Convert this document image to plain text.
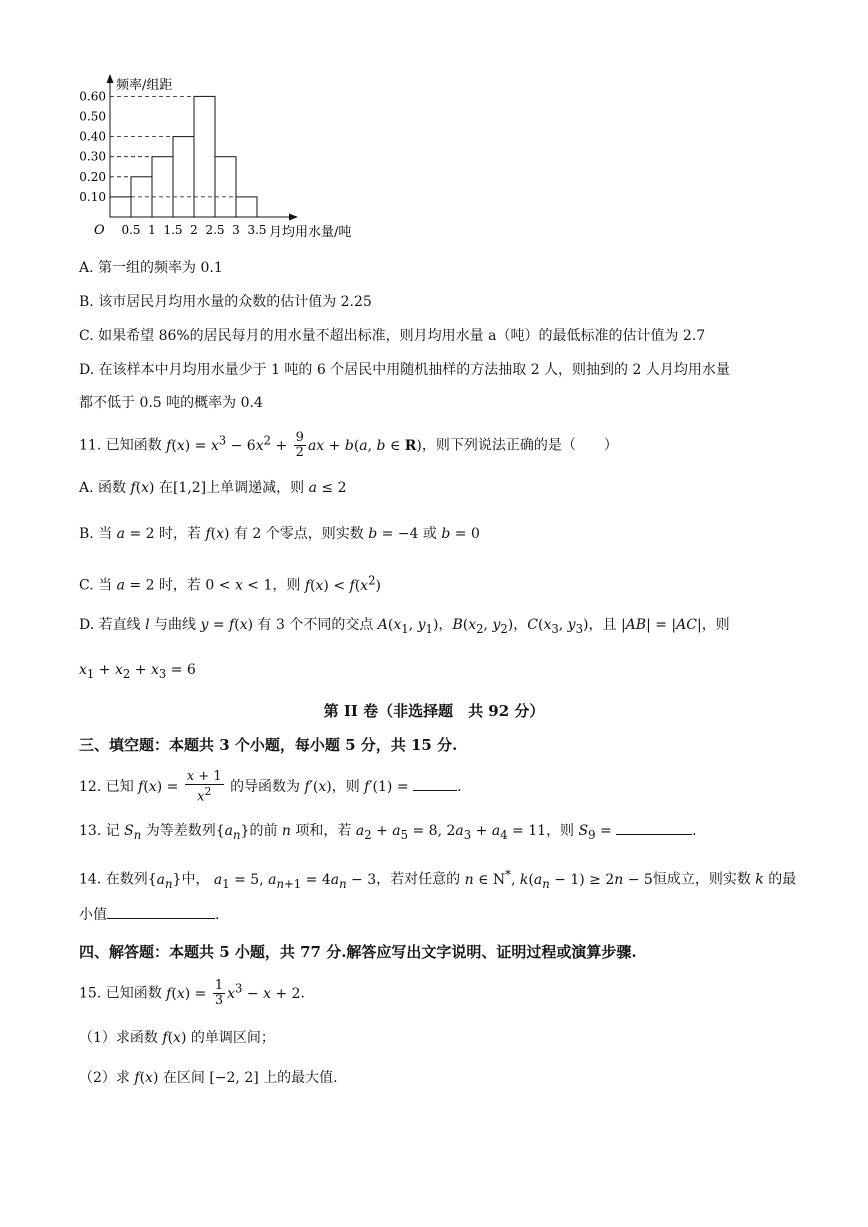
频率/组距
月均用水量/吨
O
0.10
0.20
0.30
0.40
0.50
0.60
0.5 1 1.5 2 2.5 3 3.5
A. 第一组的频率为 0.1
B. 该市居民月均用水量的众数的估计值为 2.25
C. 如果希望 86%的居民每月的用水量不超出标准，则月均用水量 a（吨）的最低标准的估计值为 2.7
D. 在该样本中月均用水量少于 1 吨的 6 个居民中用随机抽样的方法抽取 2 人，则抽到的 2 人月均用水量
都不低于 0.5 吨的概率为 0.4
11. 已知函数 $f(x) = x^3 - 6x^2 + \frac{9}{2}$ ax + b(a, b ∈ R)，则下列说法正确的是（　　）
A. 函数 f(x) 在[1,2]上单调递减，则 a ≤ 2
B. 当 a = 2 时，若 f(x) 有 2 个零点，则实数 b = −4 或 b = 0
C. 当 a = 2 时，若 0 < x < 1，则 $f(x) < f(x^2)$
D. 若直线 l 与曲线 y = f(x) 有 3 个不同的交点 $A(x_1$, $y_1$)，$B(x_2$, $y_2$)，$C(x_3$, $y_3$)，且 |AB| = |AC|，则
$x_1 + x_2 + x_3 = 6$
第 II 卷（非选择题　共 92 分）
三、填空题：本题共 3 个小题，每小题 5 分，共 15 分.
12. 已知 $f(x) = \frac{x + 1}{x^2}$ 的导函数为 f′(x)，则 f′(1) =	.
13. 记 $S_n$ 为等差数列$\{a_n\}$的前 n 项和，若 $a_2 + a_5 = 8$, $2a_3 + a_4 = 11$，则 $S_9$ =	.
14. 在数列$\{a_n\}$中， $a_1 = 5$, $a_{n+1} = 4a_n - 3$，若对任意的 n ∈ N*, $k(a_n - 1) \ge 2n - 5$恒成立，则实数 k 的最
小值	.
四、解答题：本题共 5 小题，共 77 分.解答应写出文字说明、证明过程或演算步骤.
15. 已知函数 $f(x) = \frac{1}{3} x^3 - x + 2$.
（1）求函数 f(x) 的单调区间；
（2）求 f(x) 在区间 [−2, 2] 上的最大值.
